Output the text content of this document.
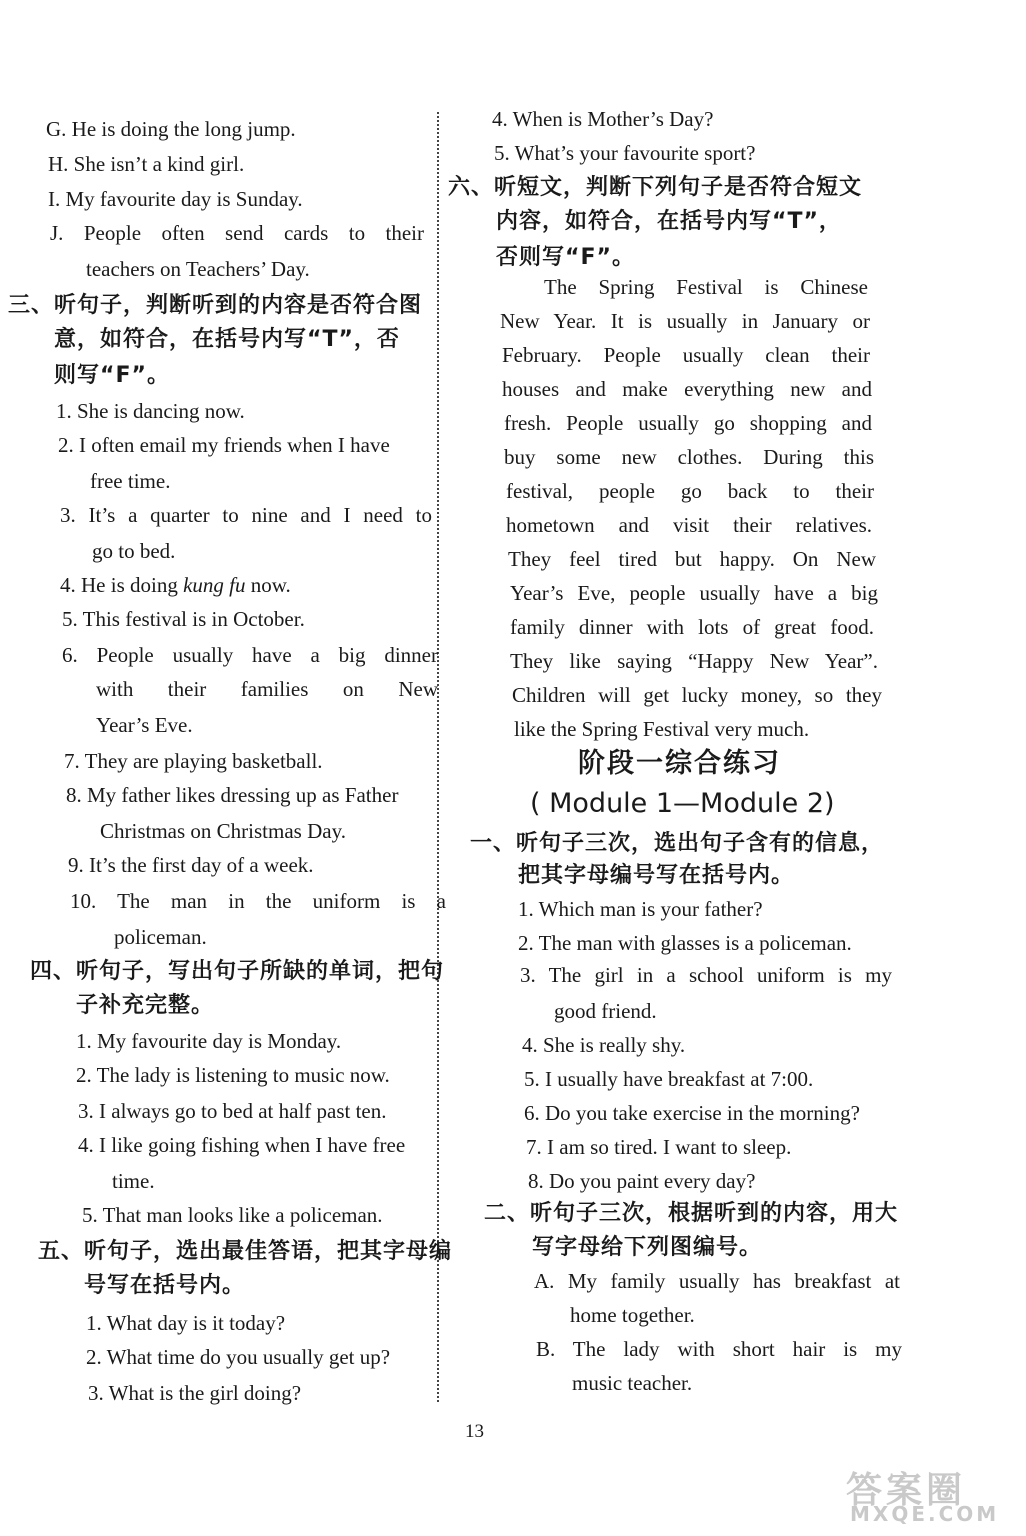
G. He is doing the long jump.
H. She isn’t a kind girl.
I. My favourite day is Sunday.
J. People often send cards to their
teachers on Teachers’ Day.
三、听句子，判断听到的内容是否符合图
意，如符合，在括号内写“T”，否
则写“F”。
1. She is dancing now.
2. I often email my friends when I have
free time.
3. It’s a quarter to nine and I need to
go to bed.
4. He is doing kung fu now.
5. This festival is in October.
6. People usually have a big dinner
with their families on New
Year’s Eve.
7. They are playing basketball.
8. My father likes dressing up as Father
Christmas on Christmas Day.
9. It’s the first day of a week.
10. The man in the uniform is a
policeman.
四、听句子，写出句子所缺的单词，把句
子补充完整。
1. My favourite day is Monday.
2. The lady is listening to music now.
3. I always go to bed at half past ten.
4. I like going fishing when I have free
time.
5. That man looks like a policeman.
五、听句子，选出最佳答语，把其字母编
号写在括号内。
1. What day is it today?
2. What time do you usually get up?
3. What is the girl doing?
4. When is Mother’s Day?
5. What’s your favourite sport?
六、听短文，判断下列句子是否符合短文
内容，如符合，在括号内写“T”，
否则写“F”。
The Spring Festival is Chinese
New Year. It is usually in January or
February. People usually clean their
houses and make everything new and
fresh. People usually go shopping and
buy some new clothes. During this
festival, people go back to their
hometown and visit their relatives.
They feel tired but happy. On New
Year’s Eve, people usually have a big
family dinner with lots of great food.
They like saying “Happy New Year”.
Children will get lucky money, so they
like the Spring Festival very much.
阶段一综合练习
( Module 1—Module 2)
一、听句子三次，选出句子含有的信息，
把其字母编号写在括号内。
1. Which man is your father?
2. The man with glasses is a policeman.
3. The girl in a school uniform is my
good friend.
4. She is really shy.
5. I usually have breakfast at 7:00.
6. Do you take exercise in the morning?
7. I am so tired. I want to sleep.
8. Do you paint every day?
二、听句子三次，根据听到的内容，用大
写字母给下列图编号。
A. My family usually has breakfast at
home together.
B. The lady with short hair is my
music teacher.
13
答案圈
MXQE.COM
